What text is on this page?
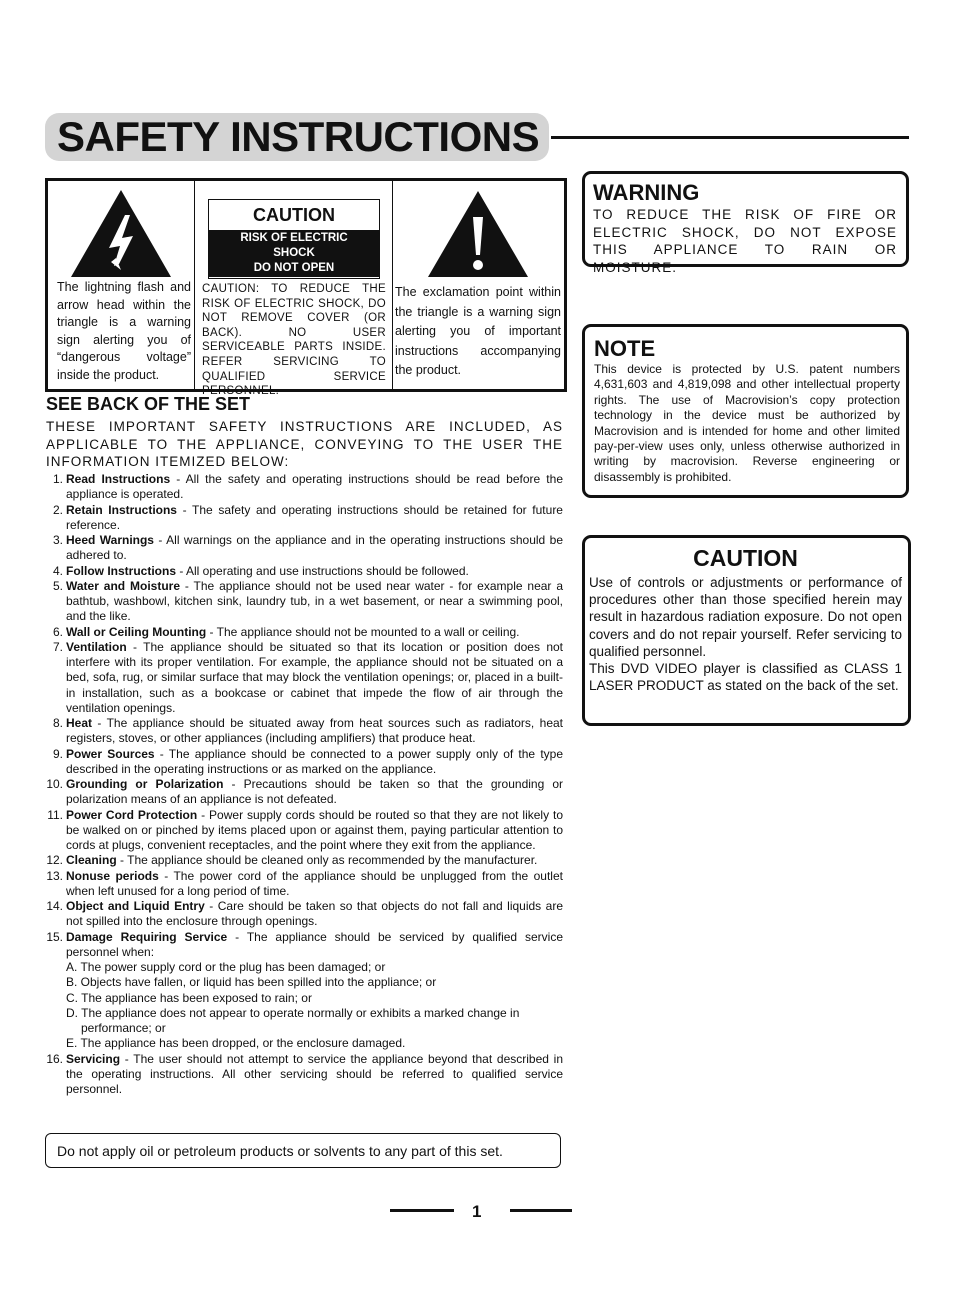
SAFETY INSTRUCTIONS
The lightning flash and arrow head within the triangle is a warning sign alerting you of “dangerous voltage” inside the product.
CAUTION
RISK OF ELECTRIC
SHOCK
DO NOT OPEN
CAUTION: TO REDUCE THE RISK OF ELECTRIC SHOCK, DO NOT REMOVE COVER (OR BACK). NO USER SERVICEABLE PARTS INSIDE. REFER SERVICING TO QUALIFIED SERVICE PERSONNEL.
The exclamation point within the triangle is a warning sign alerting you of important instructions accompanying the product.
SEE BACK OF THE SET
THESE IMPORTANT SAFETY INSTRUCTIONS ARE INCLUDED, AS APPLICABLE TO THE APPLIANCE, CONVEYING TO THE USER THE INFORMATION ITEMIZED BELOW:
1. Read Instructions - All the safety and operating instructions should be read before the appliance is operated.
2. Retain Instructions - The safety and operating instructions should be retained for future reference.
3. Heed Warnings - All warnings on the appliance and in the operating instructions should be adhered to.
4. Follow Instructions - All operating and use instructions should be followed.
5. Water and Moisture - The appliance should not be used near water - for example near a bathtub, washbowl, kitchen sink, laundry tub, in a wet basement, or near a swimming pool, and the like.
6. Wall or Ceiling Mounting - The appliance should not be mounted to a wall or ceiling.
7. Ventilation - The appliance should be situated so that its location or position does not interfere with its proper ventilation. For example, the appliance should not be situated on a bed, sofa, rug, or similar surface that may block the ventilation openings; or, placed in a built-in installation, such as a bookcase or cabinet that impede the flow of air through the ventilation openings.
8. Heat - The appliance should be situated away from heat sources such as radiators, heat registers, stoves, or other appliances (including amplifiers) that produce heat.
9. Power Sources - The appliance should be connected to a power supply only of the type described in the operating instructions or as marked on the appliance.
10. Grounding or Polarization - Precautions should be taken so that the grounding or polarization means of an appliance is not defeated.
11. Power Cord Protection - Power supply cords should be routed so that they are not likely to be walked on or pinched by items placed upon or against them, paying particular attention to cords at plugs, convenient receptacles, and the point where they exit from the appliance.
12. Cleaning - The appliance should be cleaned only as recommended by the manufacturer.
13. Nonuse periods - The power cord of the appliance should be unplugged from the outlet when left unused for a long period of time.
14. Object and Liquid Entry - Care should be taken so that objects do not fall and liquids are not spilled into the enclosure through openings.
15. Damage Requiring Service - The appliance should be serviced by qualified service personnel when:
A. The power supply cord or the plug has been damaged; or
B. Objects have fallen, or liquid has been spilled into the appliance; or
C. The appliance has been exposed to rain; or
D. The appliance does not appear to operate normally or exhibits a marked change in
performance; or
E. The appliance has been dropped, or the enclosure damaged.
16. Servicing - The user should not attempt to service the appliance beyond that described in the operating instructions. All other servicing should be referred to qualified service personnel.
Do not apply oil or petroleum products or solvents to any part of this set.
1
WARNING
TO REDUCE THE RISK OF FIRE OR ELECTRIC SHOCK, DO NOT EXPOSE THIS APPLIANCE TO RAIN OR MOISTURE.
NOTE
This device is protected by U.S. patent numbers 4,631,603 and 4,819,098 and other intellectual property rights. The use of Macrovision’s copy protection technology in the device must be authorized by Macrovision and is intended for home and other limited pay-per-view uses only, unless otherwise authorized in writing by macrovision. Reverse engineering or disassembly is prohibited.
CAUTION
Use of controls or adjustments or performance of procedures other than those specified herein may result in hazardous radiation exposure. Do not open covers and do not repair yourself. Refer servicing to qualified personnel.
This DVD VIDEO player is classified as CLASS 1 LASER PRODUCT as stated on the back of the set.
